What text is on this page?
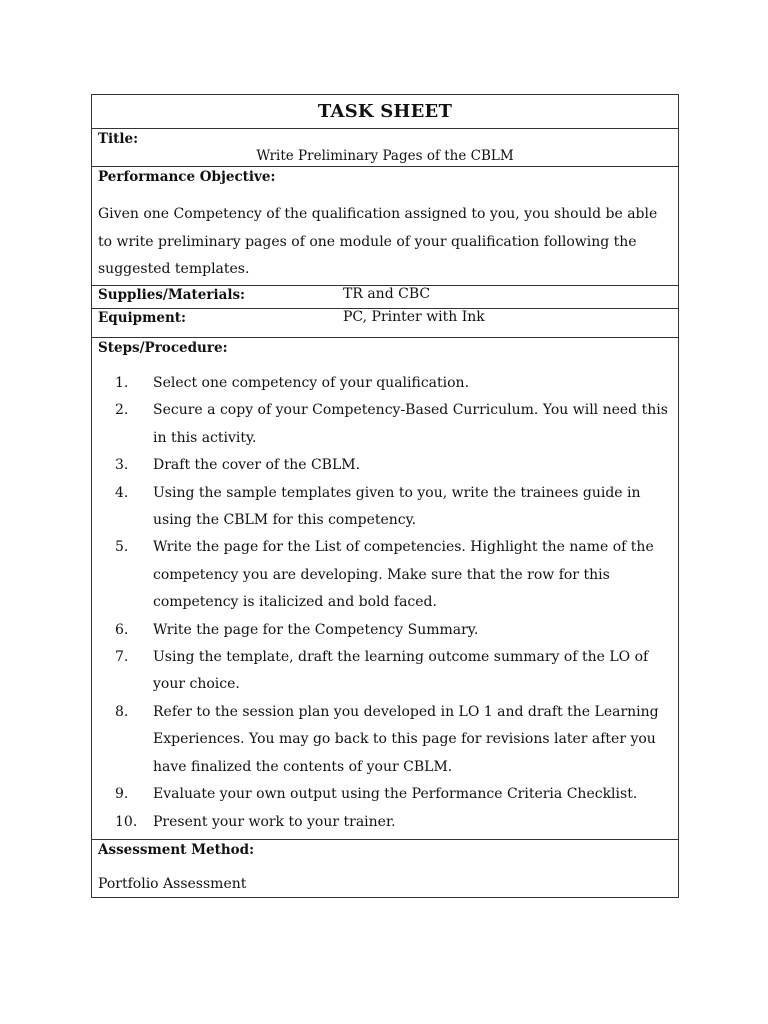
TASK SHEET
Title:
Write Preliminary Pages of the CBLM
Performance Objective:
Given one Competency of the qualification assigned to you, you should be able to write preliminary pages of one module of your qualification following the suggested templates.
Supplies/Materials:	TR and CBC
Equipment:	PC, Printer with Ink
Steps/Procedure:
1.	Select one competency of your qualification.
2.	Secure a copy of your Competency-Based Curriculum. You will need this in this activity.
3.	Draft the cover of the CBLM.
4.	Using the sample templates given to you, write the trainees guide in using the CBLM for this competency.
5.	Write the page for the List of competencies. Highlight the name of the competency you are developing. Make sure that the row for this competency is italicized and bold faced.
6.	Write the page for the Competency Summary.
7.	Using the template, draft the learning outcome summary of the LO of your choice.
8.	Refer to the session plan you developed in LO 1 and draft the Learning Experiences. You may go back to this page for revisions later after you have finalized the contents of your CBLM.
9.	Evaluate your own output using the Performance Criteria Checklist.
10.	Present your work to your trainer.
Assessment Method:
Portfolio Assessment
